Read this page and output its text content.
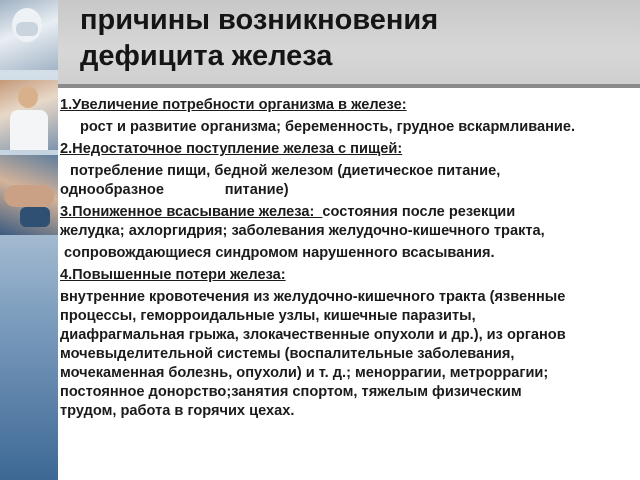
причины возникновения
дефицита железа

1.Увеличение потребности организма в железе:

рост и развитие организма; беременность, грудное вскармливание.

2.Недостаточное поступление железа с пищей:

потребление пищи, бедной железом (диетическое питание,

однообразное               питание)

3.Пониженное всасывание железа:  состояния после резекции

желудка; ахлоргидрия; заболевания желудочно-кишечного тракта,

сопровождающиеся синдромом нарушенного всасывания.

4.Повышенные потери железа:

внутренние кровотечения из желудочно-кишечного тракта (язвенные

процессы, геморроидальные узлы, кишечные паразиты,

диафрагмальная грыжа, злокачественные опухоли и др.), из органов

мочевыделительной системы (воспалительные заболевания,

мочекаменная болезнь, опухоли) и т. д.; меноррагии, метроррагии;

постоянное донорство;занятия спортом, тяжелым физическим

трудом, работа в горячих цехах.
